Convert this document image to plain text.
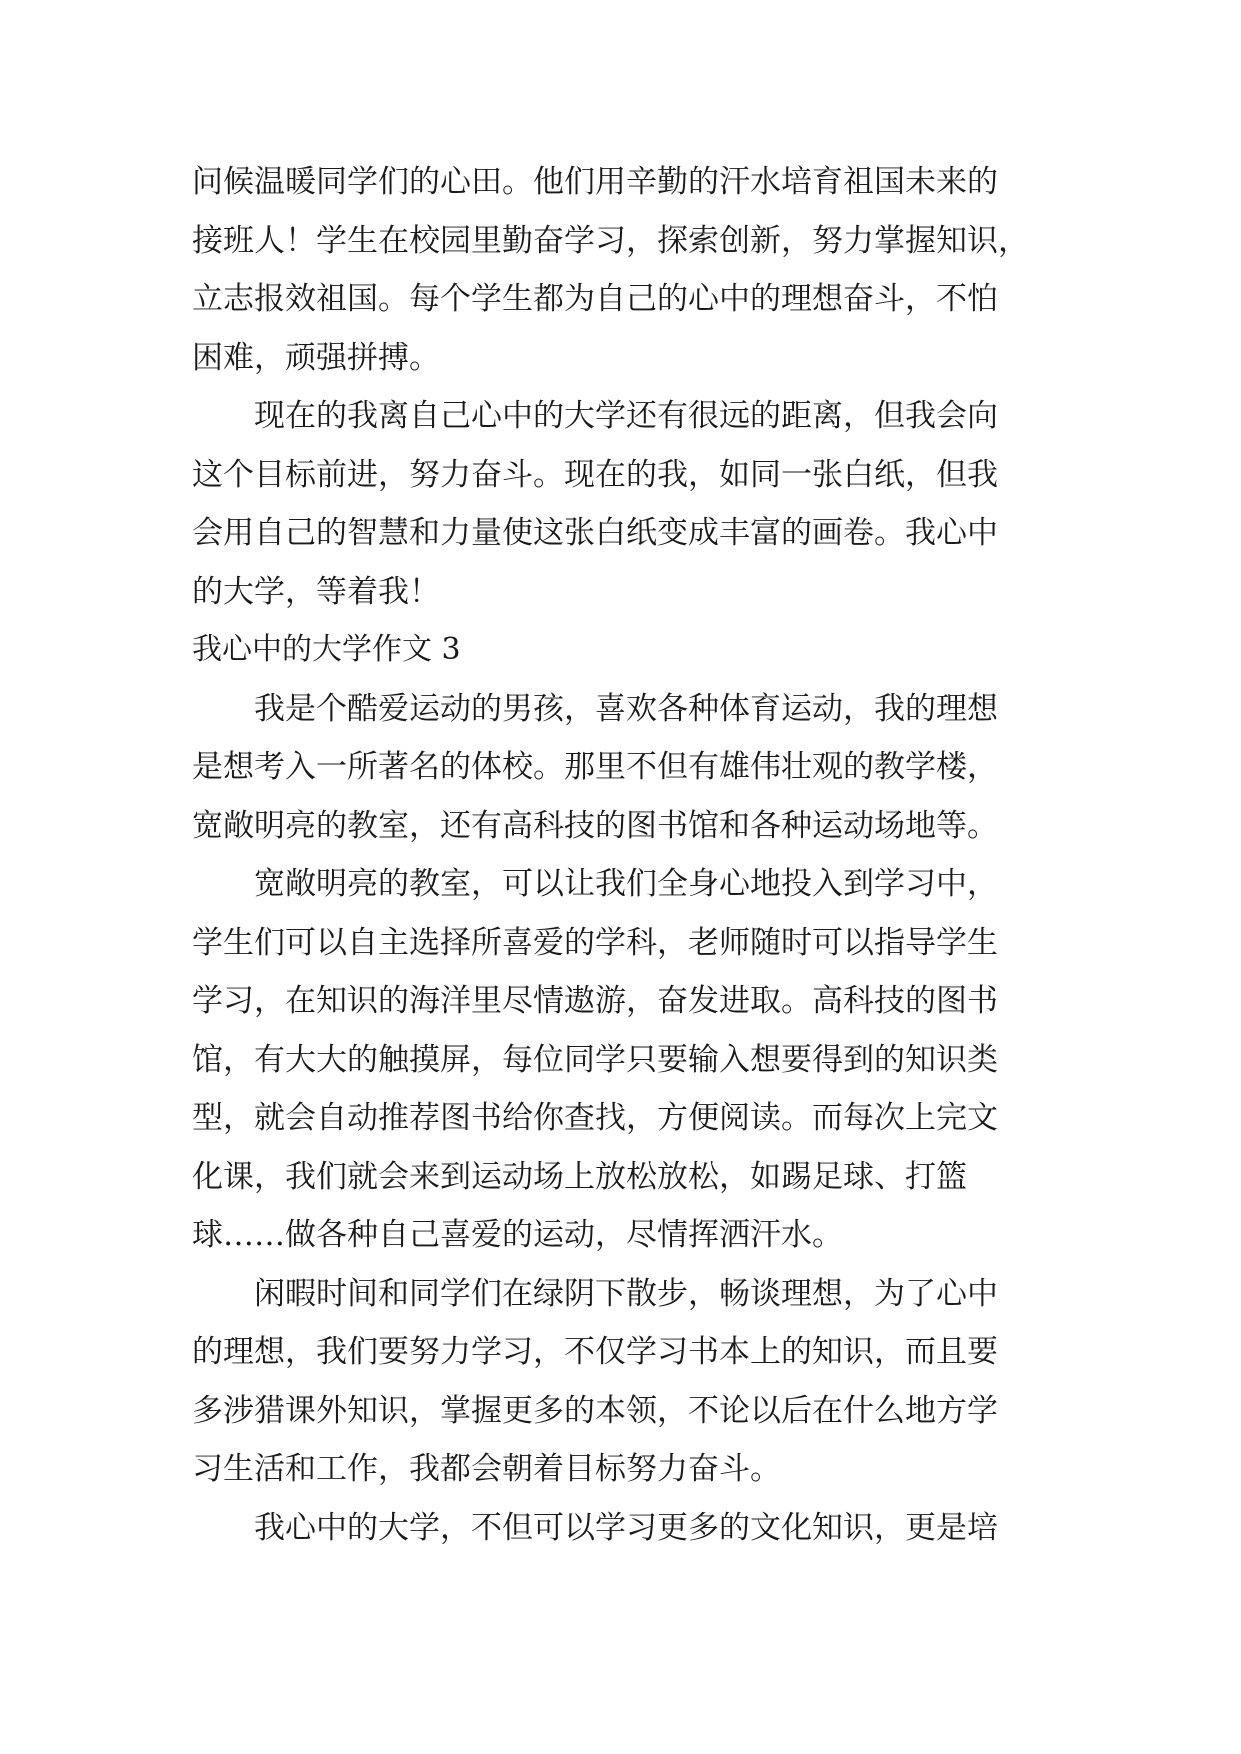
问候温暖同学们的心田。他们用辛勤的汗水培育祖国未来的
接班人！学生在校园里勤奋学习，探索创新，努力掌握知识，
立志报效祖国。每个学生都为自己的心中的理想奋斗，不怕
困难，顽强拼搏。

现在的我离自己心中的大学还有很远的距离，但我会向
这个目标前进，努力奋斗。现在的我，如同一张白纸，但我
会用自己的智慧和力量使这张白纸变成丰富的画卷。我心中
的大学，等着我！

我心中的大学作文 3

我是个酷爱运动的男孩，喜欢各种体育运动，我的理想
是想考入一所著名的体校。那里不但有雄伟壮观的教学楼，
宽敞明亮的教室，还有高科技的图书馆和各种运动场地等。

宽敞明亮的教室，可以让我们全身心地投入到学习中，
学生们可以自主选择所喜爱的学科，老师随时可以指导学生
学习，在知识的海洋里尽情遨游，奋发进取。高科技的图书
馆，有大大的触摸屏，每位同学只要输入想要得到的知识类
型，就会自动推荐图书给你查找，方便阅读。而每次上完文
化课，我们就会来到运动场上放松放松，如踢足球、打篮
球……做各种自己喜爱的运动，尽情挥洒汗水。

闲暇时间和同学们在绿阴下散步，畅谈理想，为了心中
的理想，我们要努力学习，不仅学习书本上的知识，而且要
多涉猎课外知识，掌握更多的本领，不论以后在什么地方学
习生活和工作，我都会朝着目标努力奋斗。

我心中的大学，不但可以学习更多的文化知识，更是培
